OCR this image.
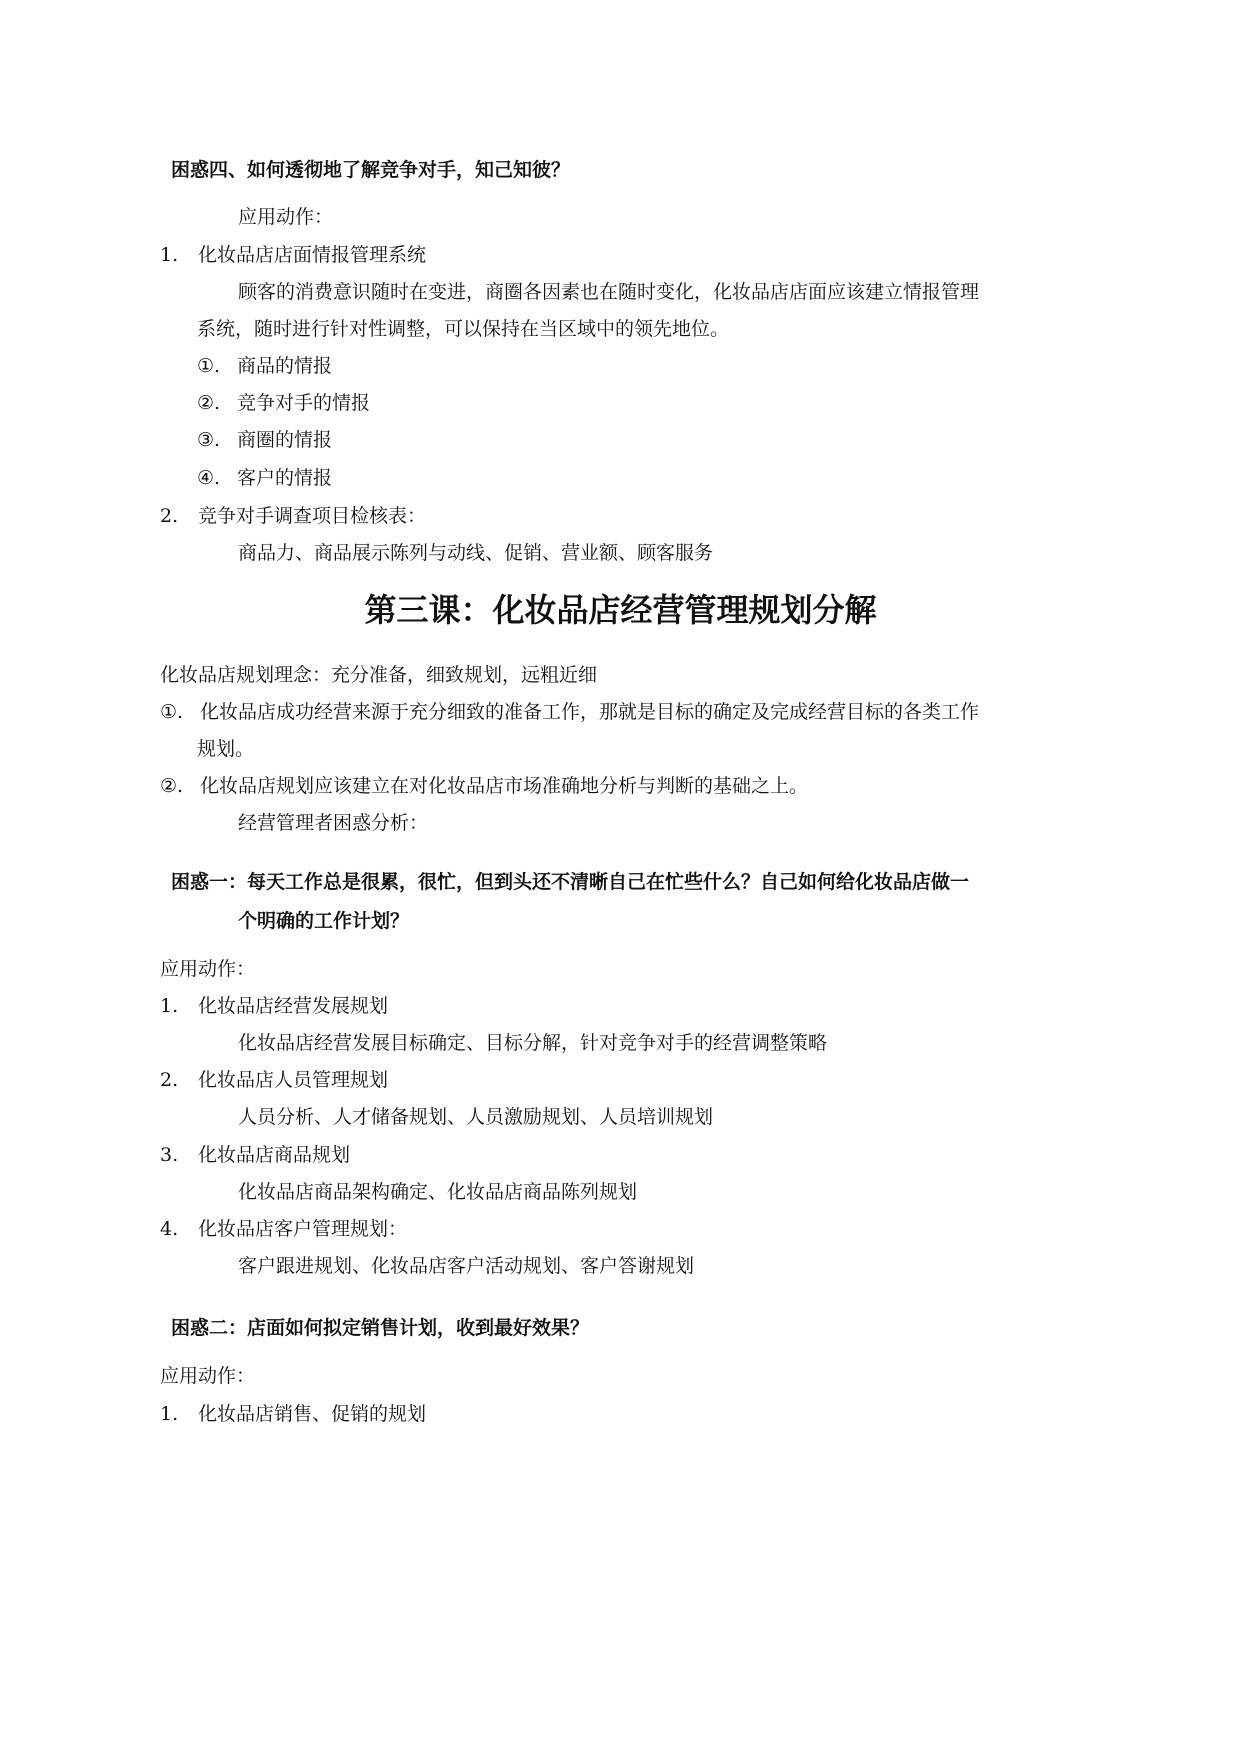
困惑四、如何透彻地了解竞争对手，知己知彼？
应用动作：
1. 化妆品店店面情报管理系统
顾客的消费意识随时在变进，商圈各因素也在随时变化，化妆品店店面应该建立情报管理
系统，随时进行针对性调整，可以保持在当区域中的领先地位。
①. 商品的情报
②. 竞争对手的情报
③. 商圈的情报
④. 客户的情报
2. 竞争对手调查项目检核表：
商品力、商品展示陈列与动线、促销、营业额、顾客服务
第三课：化妆品店经营管理规划分解
化妆品店规划理念：充分准备，细致规划，远粗近细
①. 化妆品店成功经营来源于充分细致的准备工作，那就是目标的确定及完成经营目标的各类工作
规划。
②. 化妆品店规划应该建立在对化妆品店市场准确地分析与判断的基础之上。
经营管理者困惑分析：
困惑一：每天工作总是很累，很忙，但到头还不清晰自己在忙些什么？自己如何给化妆品店做一
个明确的工作计划？
应用动作：
1. 化妆品店经营发展规划
化妆品店经营发展目标确定、目标分解，针对竞争对手的经营调整策略
2. 化妆品店人员管理规划
人员分析、人才储备规划、人员激励规划、人员培训规划
3. 化妆品店商品规划
化妆品店商品架构确定、化妆品店商品陈列规划
4. 化妆品店客户管理规划：
客户跟进规划、化妆品店客户活动规划、客户答谢规划
困惑二：店面如何拟定销售计划，收到最好效果？
应用动作：
1. 化妆品店销售、促销的规划
